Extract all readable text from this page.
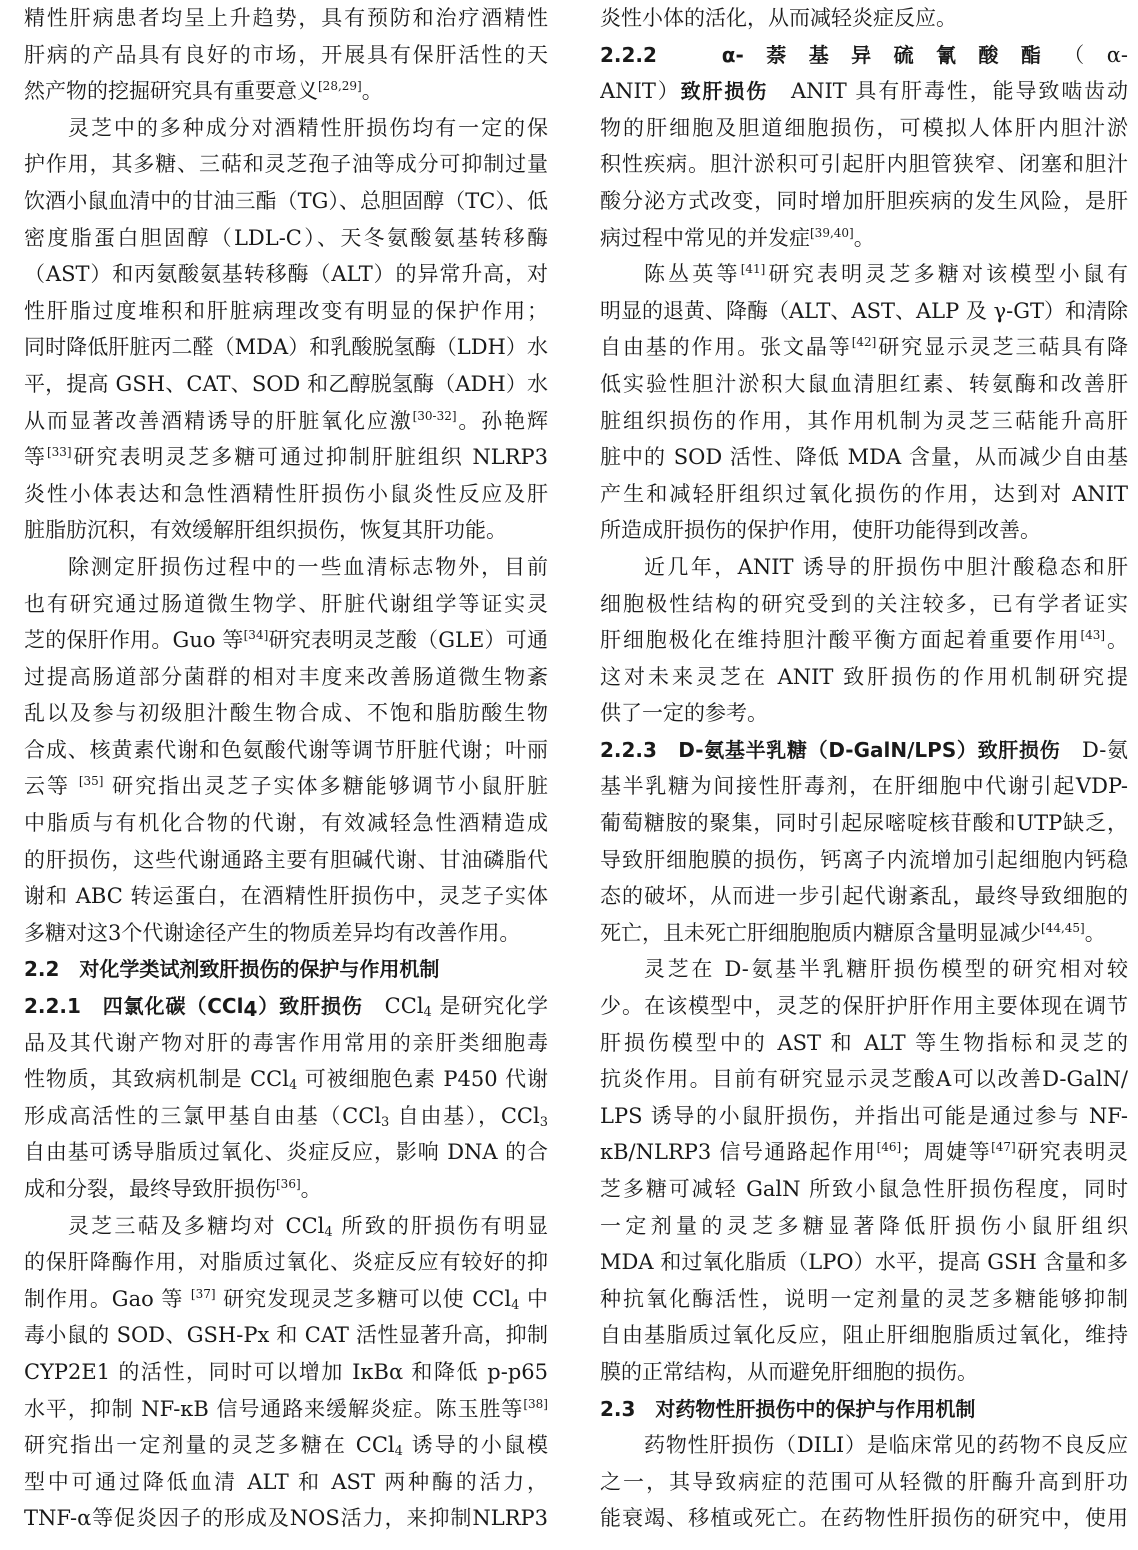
精性肝病患者均呈上升趋势，具有预防和治疗酒精性
肝病的产品具有良好的市场，开展具有保肝活性的天
然产物的挖掘研究具有重要意义[28,29]。
灵芝中的多种成分对酒精性肝损伤均有一定的保
护作用，其多糖、三萜和灵芝孢子油等成分可抑制过量
饮酒小鼠血清中的甘油三酯（TG）、总胆固醇（TC）、低
密度脂蛋白胆固醇（LDL-C）、天冬氨酸氨基转移酶
（AST）和丙氨酸氨基转移酶（ALT）的异常升高，对
性肝脂过度堆积和肝脏病理改变有明显的保护作用；
同时降低肝脏丙二醛（MDA）和乳酸脱氢酶（LDH）水
平，提高 GSH、CAT、SOD 和乙醇脱氢酶（ADH）水
从而显著改善酒精诱导的肝脏氧化应激[30-32]。孙艳辉
等[33]研究表明灵芝多糖可通过抑制肝脏组织 NLRP3
炎性小体表达和急性酒精性肝损伤小鼠炎性反应及肝
脏脂肪沉积，有效缓解肝组织损伤，恢复其肝功能。
除测定肝损伤过程中的一些血清标志物外，目前
也有研究通过肠道微生物学、肝脏代谢组学等证实灵
芝的保肝作用。Guo 等[34]研究表明灵芝酸（GLE）可通
过提高肠道部分菌群的相对丰度来改善肠道微生物紊
乱以及参与初级胆汁酸生物合成、不饱和脂肪酸生物
合成、核黄素代谢和色氨酸代谢等调节肝脏代谢；叶丽
云等 [35] 研究指出灵芝子实体多糖能够调节小鼠肝脏
中脂质与有机化合物的代谢，有效减轻急性酒精造成
的肝损伤，这些代谢通路主要有胆碱代谢、甘油磷脂代
谢和 ABC 转运蛋白，在酒精性肝损伤中，灵芝子实体
多糖对这3个代谢途径产生的物质差异均有改善作用。
2.2　对化学类试剂致肝损伤的保护与作用机制
2.2.1　四氯化碳（CCl$_4$）致肝损伤　CCl$_4$ 是研究化学
品及其代谢产物对肝的毒害作用常用的亲肝类细胞毒
性物质，其致病机制是 CCl$_4$ 可被细胞色素 P450 代谢
形成高活性的三氯甲基自由基（CCl$_3$ 自由基），CCl$_3$
自由基可诱导脂质过氧化、炎症反应，影响 DNA 的合
成和分裂，最终导致肝损伤[36]。
灵芝三萜及多糖均对 CCl$_4$ 所致的肝损伤有明显
的保肝降酶作用，对脂质过氧化、炎症反应有较好的抑
制作用。Gao 等 [37] 研究发现灵芝多糖可以使 CCl$_4$ 中
毒小鼠的 SOD、GSH-Px 和 CAT 活性显著升高，抑制
CYP2E1 的活性，同时可以增加 IκBα 和降低 p-p65
水平，抑制 NF-κB 信号通路来缓解炎症。陈玉胜等[38]
研究指出一定剂量的灵芝多糖在 CCl$_4$ 诱导的小鼠模
型中可通过降低血清 ALT 和 AST 两种酶的活力，
TNF-α等促炎因子的形成及NOS活力，来抑制NLRP3
炎性小体的活化，从而减轻炎症反应。
2.2.2　α-萘基异硫氰酸酯（α-
ANIT）致肝损伤　ANIT 具有肝毒性，能导致啮齿动
物的肝细胞及胆道细胞损伤，可模拟人体肝内胆汁淤
积性疾病。胆汁淤积可引起肝内胆管狭窄、闭塞和胆汁
酸分泌方式改变，同时增加肝胆疾病的发生风险，是肝
病过程中常见的并发症[39,40]。
陈丛英等[41]研究表明灵芝多糖对该模型小鼠有
明显的退黄、降酶（ALT、AST、ALP 及 γ-GT）和清除
自由基的作用。张文晶等[42]研究显示灵芝三萜具有降
低实验性胆汁淤积大鼠血清胆红素、转氨酶和改善肝
脏组织损伤的作用，其作用机制为灵芝三萜能升高肝
脏中的 SOD 活性、降低 MDA 含量，从而减少自由基
产生和减轻肝组织过氧化损伤的作用，达到对 ANIT
所造成肝损伤的保护作用，使肝功能得到改善。
近几年，ANIT 诱导的肝损伤中胆汁酸稳态和肝
细胞极性结构的研究受到的关注较多，已有学者证实
肝细胞极化在维持胆汁酸平衡方面起着重要作用[43]。
这对未来灵芝在 ANIT 致肝损伤的作用机制研究提
供了一定的参考。
2.2.3　D-氨基半乳糖（D-GalN/LPS）致肝损伤　D-氨
基半乳糖为间接性肝毒剂，在肝细胞中代谢引起VDP-
葡萄糖胺的聚集，同时引起尿嘧啶核苷酸和UTP缺乏，
导致肝细胞膜的损伤，钙离子内流增加引起细胞内钙稳
态的破坏，从而进一步引起代谢紊乱，最终导致细胞的
死亡，且未死亡肝细胞胞质内糖原含量明显减少[44,45]。
灵芝在 D-氨基半乳糖肝损伤模型的研究相对较
少。在该模型中，灵芝的保肝护肝作用主要体现在调节
肝损伤模型中的 AST 和 ALT 等生物指标和灵芝的
抗炎作用。目前有研究显示灵芝酸A可以改善D-GalN/
LPS 诱导的小鼠肝损伤，并指出可能是通过参与 NF-
κB/NLRP3 信号通路起作用[46]；周婕等[47]研究表明灵
芝多糖可减轻 GalN 所致小鼠急性肝损伤程度，同时
一定剂量的灵芝多糖显著降低肝损伤小鼠肝组织
MDA 和过氧化脂质（LPO）水平，提高 GSH 含量和多
种抗氧化酶活性，说明一定剂量的灵芝多糖能够抑制
自由基脂质过氧化反应，阻止肝细胞脂质过氧化，维持
膜的正常结构，从而避免肝细胞的损伤。
2.3　对药物性肝损伤中的保护与作用机制
药物性肝损伤（DILI）是临床常见的药物不良反应
之一，其导致病症的范围可从轻微的肝酶升高到肝功
能衰竭、移植或死亡。在药物性肝损伤的研究中，使用
